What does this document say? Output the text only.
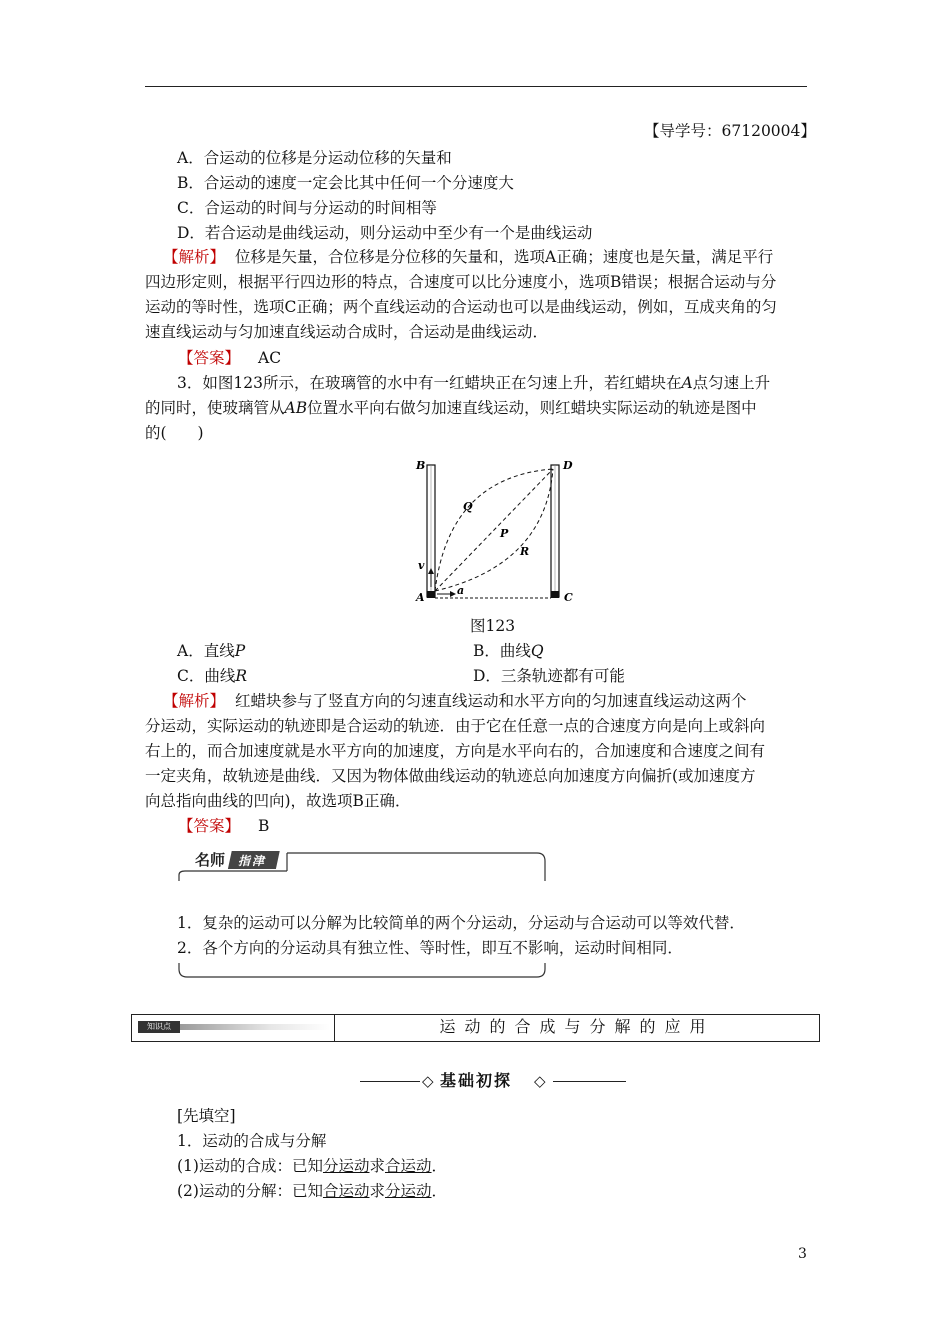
【导学号：67120004】
A．合运动的位移是分运动位移的矢量和
B．合运动的速度一定会比其中任何一个分速度大
C．合运动的时间与分运动的时间相等
D．若合运动是曲线运动，则分运动中至少有一个是曲线运动
【解析】 位移是矢量，合位移是分位移的矢量和，选项A正确；速度也是矢量，满足平行
四边形定则，根据平行四边形的特点，合速度可以比分速度小，选项B错误；根据合运动与分
运动的等时性，选项C正确；两个直线运动的合运动也可以是曲线运动，例如，互成夹角的匀
速直线运动与匀加速直线运动合成时，合运动是曲线运动．
【答案】 AC
3．如图123所示，在玻璃管的水中有一红蜡块正在匀速上升，若红蜡块在A点匀速上升
的同时，使玻璃管从AB位置水平向右做匀加速直线运动，则红蜡块实际运动的轨迹是图中
的(　　)
B	D
Q
P
R
v
A
a
C
图123
A．直线P	B．曲线Q
C．曲线R	D．三条轨迹都有可能
【解析】 红蜡块参与了竖直方向的匀速直线运动和水平方向的匀加速直线运动这两个
分运动，实际运动的轨迹即是合运动的轨迹．由于它在任意一点的合速度方向是向上或斜向
右上的，而合加速度就是水平方向的加速度，方向是水平向右的，合加速度和合速度之间有
一定夹角，故轨迹是曲线．又因为物体做曲线运动的轨迹总向加速度方向偏折(或加速度方
向总指向曲线的凹向)，故选项B正确．
【答案】 B
名师 指津
1．复杂的运动可以分解为比较简单的两个分运动，分运动与合运动可以等效代替．
2．各个方向的分运动具有独立性、等时性，即互不影响，运动时间相同．
知识点	运动的合成与分解的应用
◇ 基础初探 ◇
[先填空]
1．运动的合成与分解
(1)运动的合成：已知分运动求合运动．
(2)运动的分解：已知合运动求分运动．
3
